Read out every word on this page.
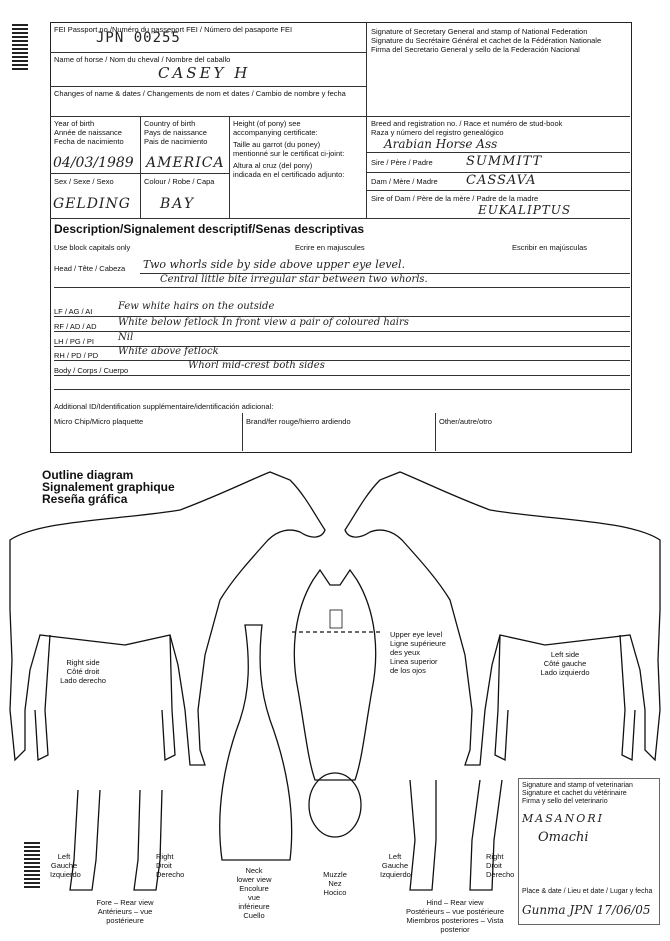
FEI Passport no./Numéro du passeport FEI / Número del pasaporte FEI
JPN 00255	Signature of Secretary General and stamp of National Federation
Signature du Secrétaire Général et cachet de la Fédération Nationale
Firma del Secretario General y sello de la Federación Nacional
Name of horse / Nom du cheval / Nombre del caballo
CASEY H
Changes of name & dates / Changements de nom et dates / Cambio de nombre y fecha
Year of birth
Année de naissance
Fecha de nacimiento
04/03/1989
Country of birth
Pays de naissance
Pais de nacimiento
AMERICA
Height (of pony) see
accompanying certificate:
Taille au garrot (du poney)
mentionné sur le certificat ci-joint:
Altura al cruz (del pony)
indicada en el certificado adjunto:
Breed and registration no. / Race et numéro de stud-book
Raza y número del registro genealógico
Arabian Horse Ass
Sire / Père / Padre	SUMMITT
Dam / Mère / Madre CASSAVA
Sire of Dam / Père de la mère / Padre de la madre
EUKALIPTUS
Sex / Sexe / Sexo
GELDING
Colour / Robe / Capa
BAY
Description/Signalement descriptif/Senas descriptivas
Use block capitals only	Ecrire en majuscules	Escribir en majúsculas
Head / Tête / Cabeza Two whorls side by side above upper eye level.
Central little bite irregular star between two whorls.
LF / AG / AI	Few white hairs on the outside
RF / AD / AD White below fetlock In front view a pair of coloured hairs
LH / PG / PI Nil
RH / PD / PD White above fetlock
Body / Corps / Cuerpo	Whorl mid-crest both sides
Additional ID/Identification supplémentaire/identificación adicional:
Micro Chip/Micro plaquette	Brand/fer rouge/hierro ardiendo	Other/autre/otro
Outline diagram
Signalement graphique
Reseña gráfica
Right side
Côté droit
Lado derecho
Left side
Côté gauche
Lado izquierdo
Upper eye level
Ligne supérieure
des yeux
Linea superior
de los ojos
Left
Gauche
Izquierdo
Right
Droit
Derecho
Fore – Rear view
Antérieurs – vue postérieure
Neck
lower view
Encolure
vue inférieure
Cuello
Muzzle
Nez
Hocico
Left
Gauche
Izquierdo
Right
Droit
Derecho
Hind – Rear view
Postérieurs – vue postérieure
Miembros posteriores – Vista posterior
Signature and stamp of veterinarian
Signature et cachet du vétérinaire
Firma y sello del veterinario
MASANORI
Omachi
Place & date / Lieu et date / Lugar y fecha
Gunma JPN 17/06/05
